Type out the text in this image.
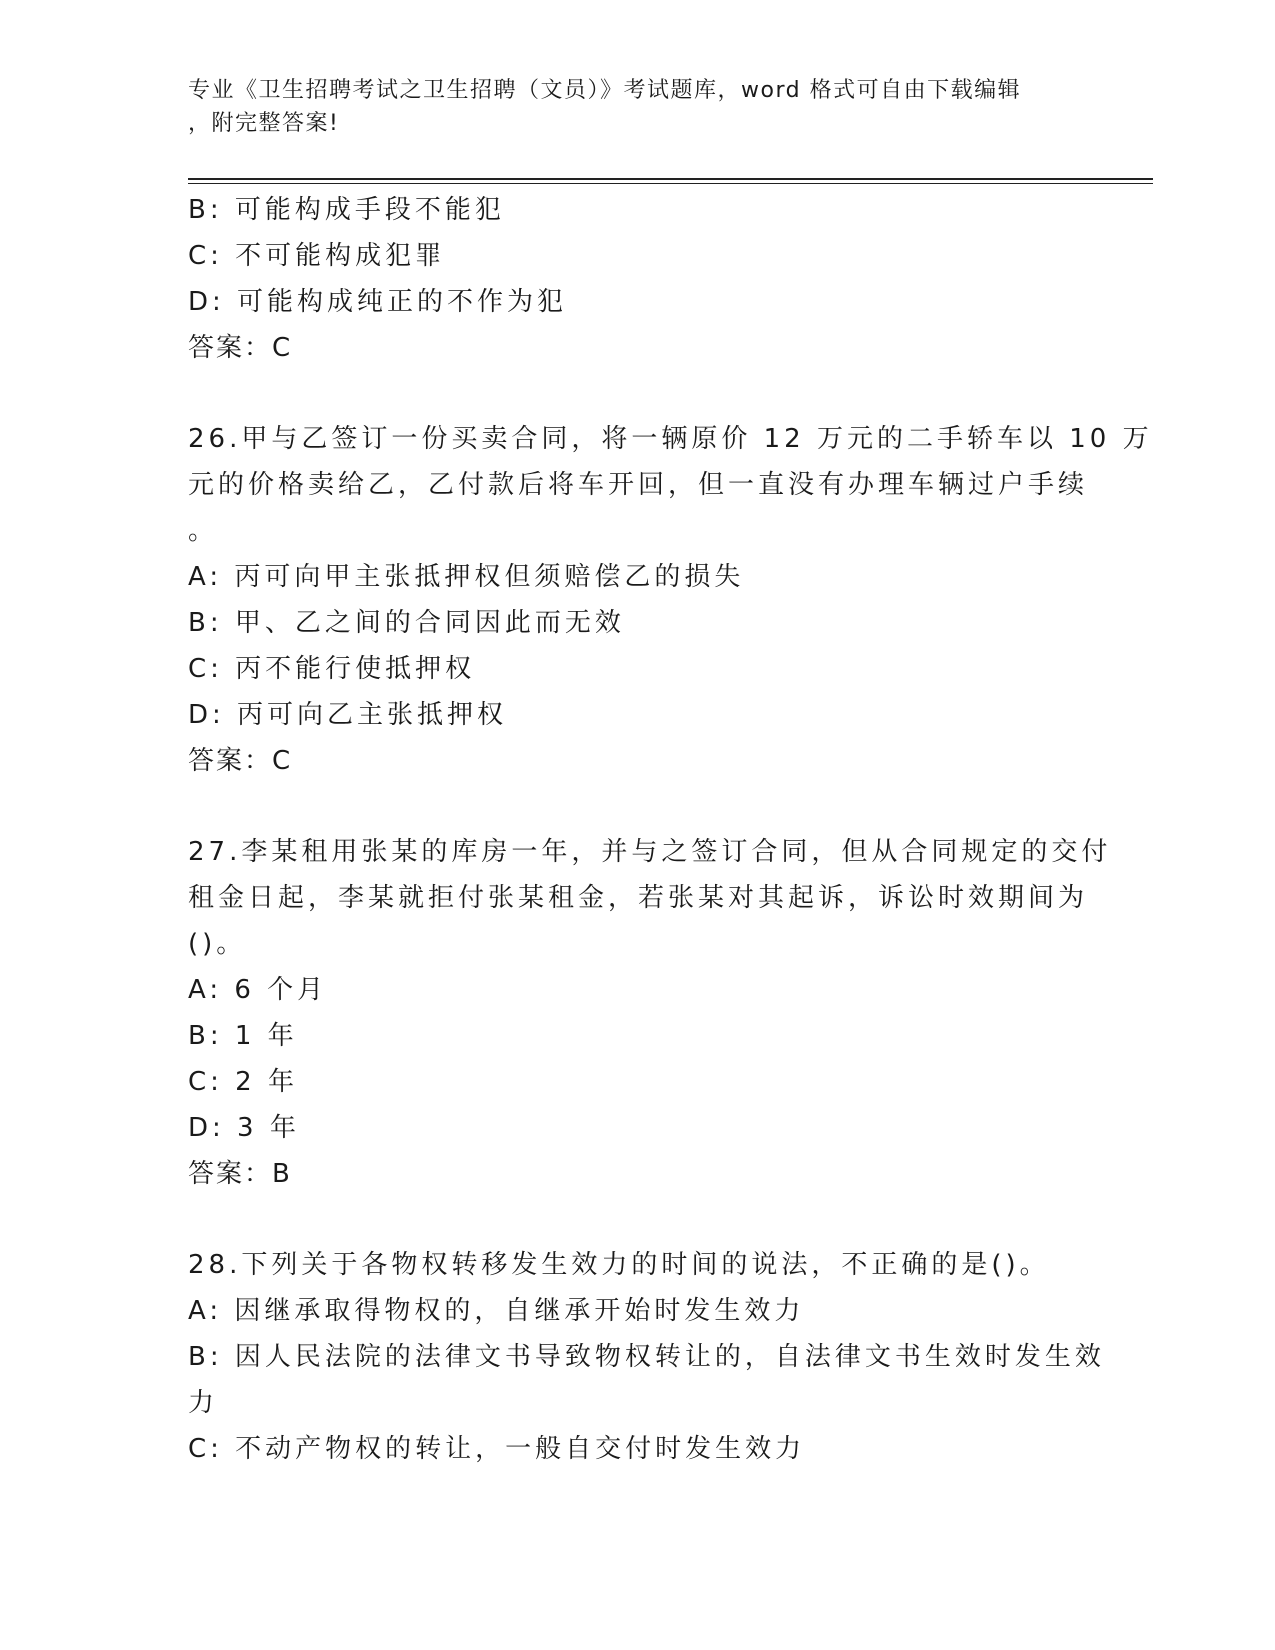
专业《卫生招聘考试之卫生招聘（文员）》考试题库，word 格式可自由下载编辑
，附完整答案!
B: 可能构成手段不能犯
C: 不可能构成犯罪
D: 可能构成纯正的不作为犯
答案：C
26.甲与乙签订一份买卖合同，将一辆原价 12 万元的二手轿车以 10 万
元的价格卖给乙，乙付款后将车开回，但一直没有办理车辆过户手续
。
A: 丙可向甲主张抵押权但须赔偿乙的损失
B: 甲、乙之间的合同因此而无效
C: 丙不能行使抵押权
D: 丙可向乙主张抵押权
答案：C
27.李某租用张某的库房一年，并与之签订合同，但从合同规定的交付
租金日起，李某就拒付张某租金，若张某对其起诉，诉讼时效期间为
()。
A: 6 个月
B: 1 年
C: 2 年
D: 3 年
答案：B
28.下列关于各物权转移发生效力的时间的说法，不正确的是()。
A: 因继承取得物权的，自继承开始时发生效力
B: 因人民法院的法律文书导致物权转让的，自法律文书生效时发生效
力
C: 不动产物权的转让，一般自交付时发生效力
